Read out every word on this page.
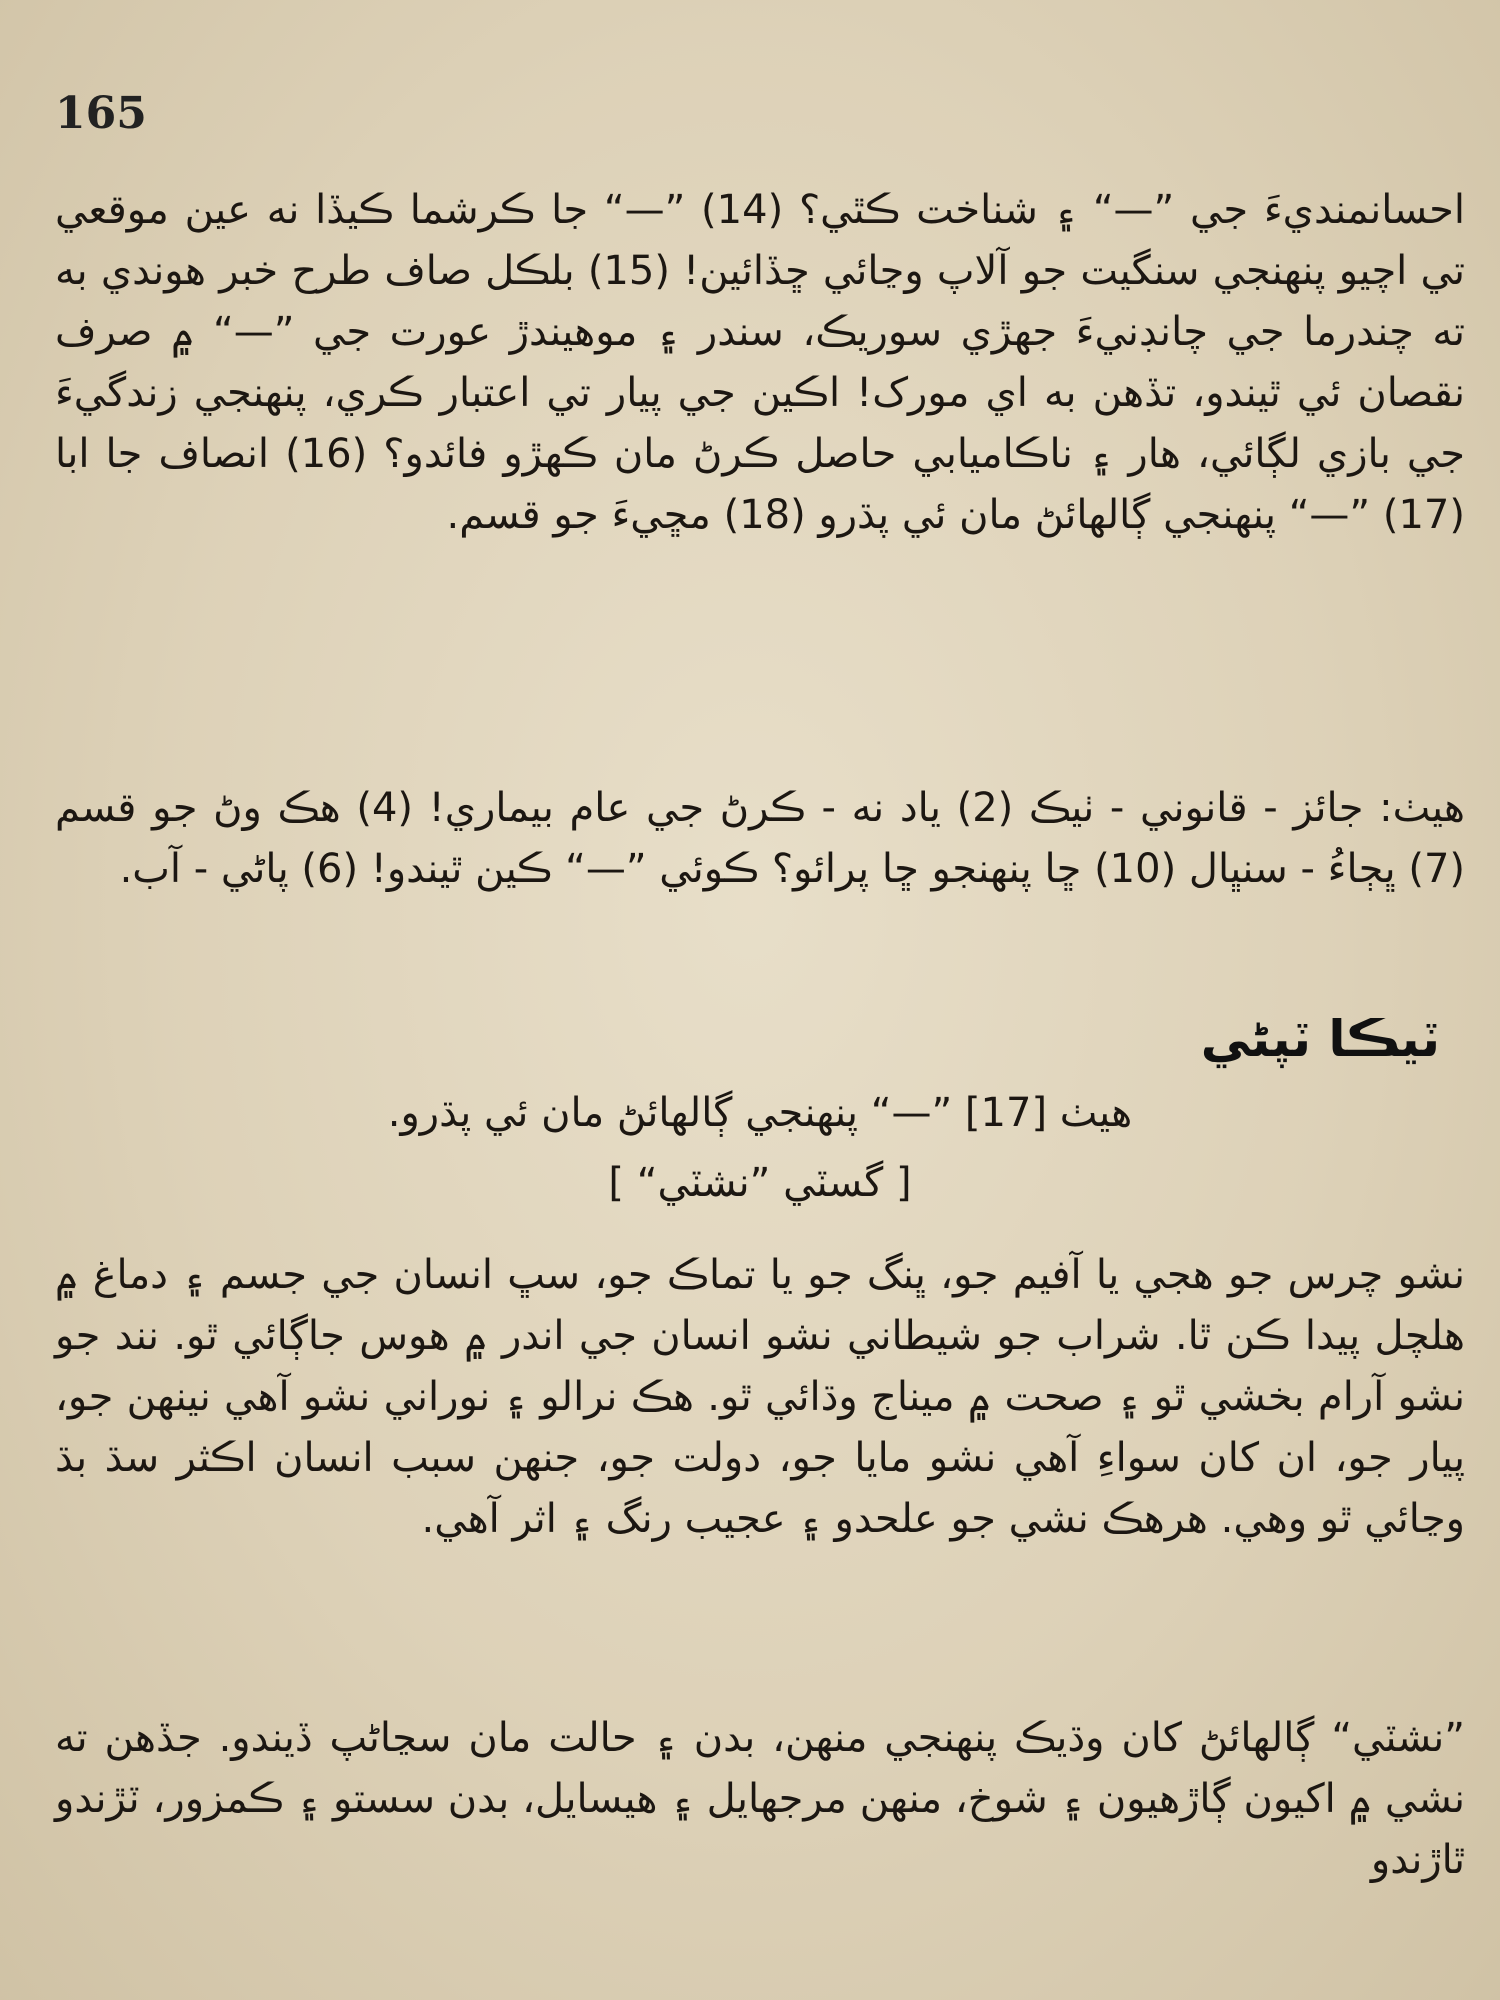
165
احسانمنديءَ جي ”—“ ۽ شناخت ڪٿي؟ (14) ”—“ جا ڪرشما ڪيڏا نه عين موقعي تي اچيو پنهنجي سنگيت جو آلاپ وڃائي ڇڏائين! (15) بلڪل صاف طرح خبر هوندي به ته چندرما جي چانڊنيءَ جهڙي سوريڪ، سندر ۽ موهيندڙ عورت جي ”—“ ۾ صرف نقصان ئي ٿيندو، تڏهن به اي مورک! اڪين جي پيار تي اعتبار ڪري، پنهنجي زندگيءَ جي بازي لڳائي، هار ۽ ناڪاميابي حاصل ڪرڻ مان ڪهڙو فائدو؟ (16) انصاف جا ابا (17) ”—“ پنهنجي ڳالهائڻ مان ئي پڌرو (18) مڇيءَ جو قسم.
هيٺ: جائز - قانوني - ٺيڪ (2) ياد نه - ڪرڻ جي عام بيماري! (4) هڪ وڻ جو قسم (7) ڀڄاءُ - سنڀال (10) ڇا پنهنجو ڇا پرائو؟ ڪوئي ”—“ ڪين ٿيندو! (6) پاڻي - آب.
ٽيڪا ٽپڻي
هيٺ [17] ”—“ پنهنجي ڳالهائڻ مان ئي پڌرو.
[ گسٽي ”نشٽي“ ]
نشو چرس جو هجي يا آفيم جو، ڀنگ جو يا تماڪ جو، سڀ انسان جي جسم ۽ دماغ ۾ هلچل پيدا ڪن ٿا. شراب جو شيطاني نشو انسان جي اندر ۾ هوس جاڳائي ٿو. نند جو نشو آرام بخشي ٿو ۽ صحت ۾ ميناج وڌائي ٿو. هڪ نرالو ۽ نوراني نشو آهي نينهن جو، پيار جو، ان کان سواءِ آهي نشو مايا جو، دولت جو، جنهن سبب انسان اڪثر سڌ بڌ وڃائي ٿو وهي. هرهڪ نشي جو علحدو ۽ عجيب رنگ ۽ اثر آهي.
”نشٽي“ ڳالهائڻ کان وڌيڪ پنهنجي منهن، بدن ۽ حالت مان سڃاڻپ ڏيندو. جڏهن ته نشي ۾ اکيون ڳاڙهيون ۽ شوخ، منهن مرجهايل ۽ هيسايل، بدن سستو ۽ ڪمزور، ٽڙندو ٿاڙندو
